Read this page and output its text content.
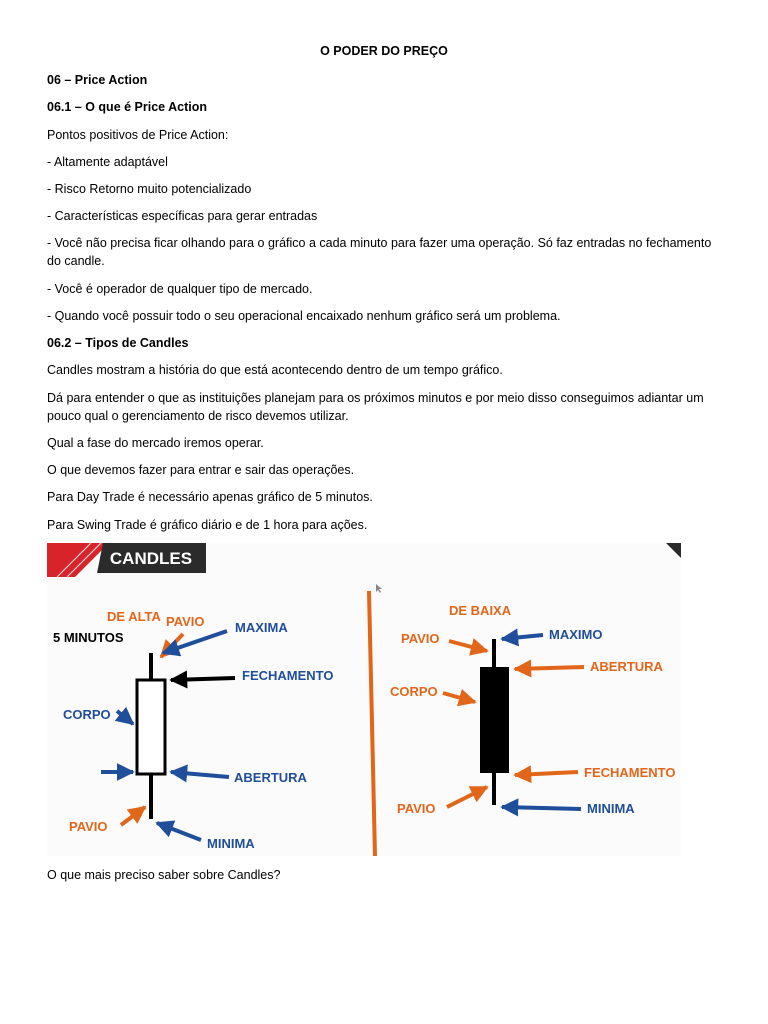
O PODER DO PREÇO
06 – Price Action
06.1 – O que é Price Action
Pontos positivos de Price Action:
- Altamente adaptável
- Risco Retorno muito potencializado
- Características específicas para gerar entradas
- Você não precisa ficar olhando para o gráfico a cada minuto para fazer uma operação. Só faz entradas no fechamento do candle.
- Você é operador de qualquer tipo de mercado.
- Quando você possuir todo o seu operacional encaixado nenhum gráfico será um problema.
06.2 – Tipos de Candles
Candles mostram a história do que está acontecendo dentro de um tempo gráfico.
Dá para entender o que as instituições planejam para os próximos minutos e por meio disso conseguimos adiantar um pouco qual o gerenciamento de risco devemos utilizar.
Qual a fase do mercado iremos operar.
O que devemos fazer para entrar e sair das operações.
Para Day Trade é necessário apenas gráfico de 5 minutos.
Para Swing Trade é gráfico diário e de 1 hora para ações.
CANDLES
DE ALTA PAVIO
5 MINUTOS
MAXIMA
FECHAMENTO
CORPO
ABERTURA
PAVIO
MINIMA
DE BAIXA
PAVIO	MAXIMO
ABERTURA
CORPO
FECHAMENTO
PAVIO	MINIMA
O que mais preciso saber sobre Candles?
